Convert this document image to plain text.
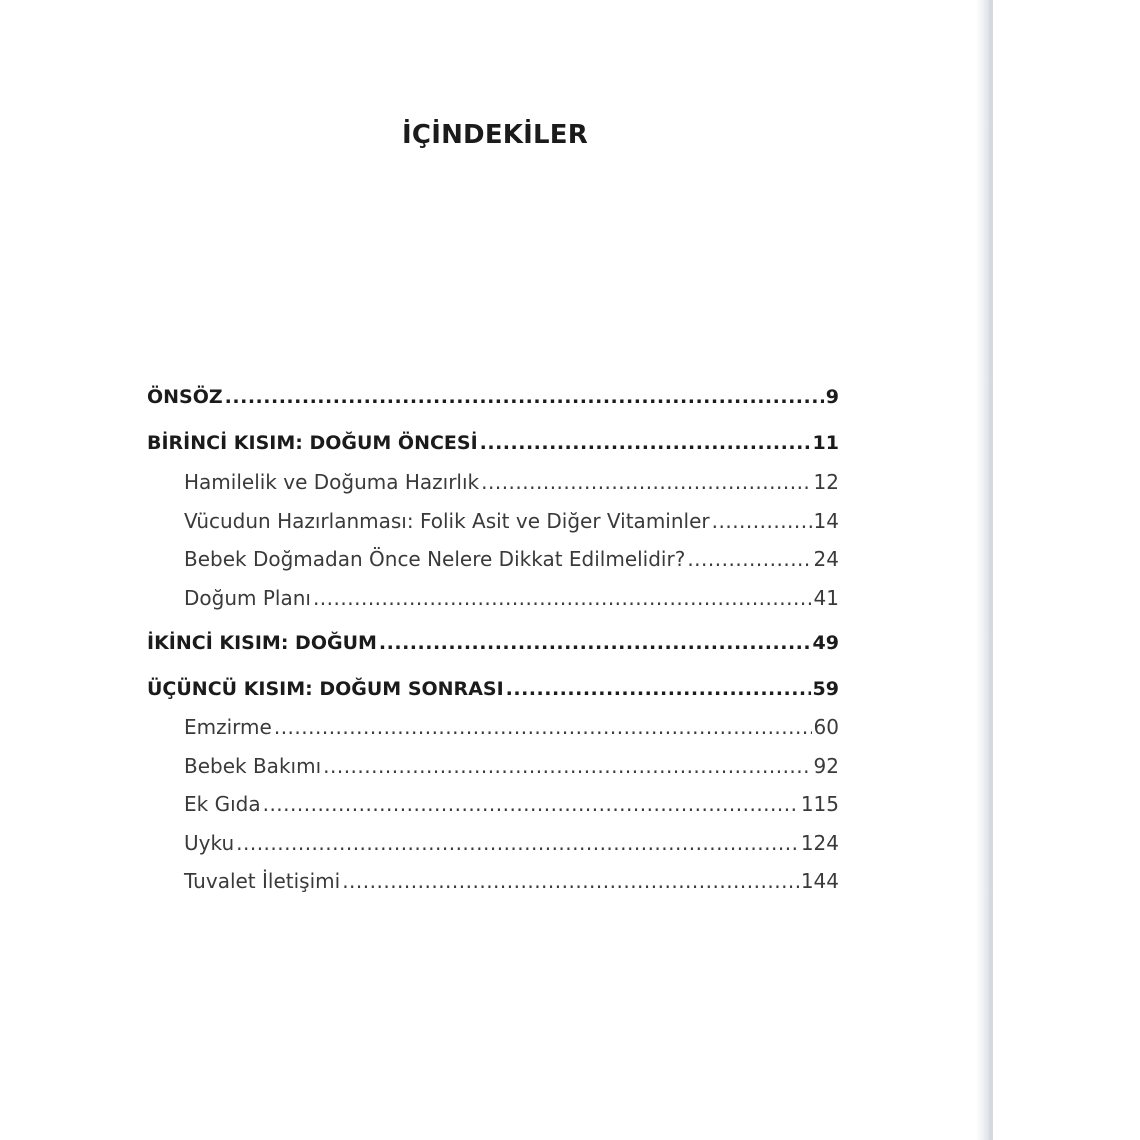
İÇİNDEKİLER
ÖNSÖZ .....	9
BİRİNCİ KISIM: DOĞUM ÖNCESİ .....	11
Hamilelik ve Doğuma Hazırlık .....	12
Vücudun Hazırlanması: Folik Asit ve Diğer Vitaminler .....	14
Bebek Doğmadan Önce Nelere Dikkat Edilmelidir? .....	24
Doğum Planı .....	41
İKİNCİ KISIM: DOĞUM .....	49
ÜÇÜNCÜ KISIM: DOĞUM SONRASI .....	59
Emzirme .....	60
Bebek Bakımı .....	92
Ek Gıda .....	115
Uyku .....	124
Tuvalet İletişimi .....	144
